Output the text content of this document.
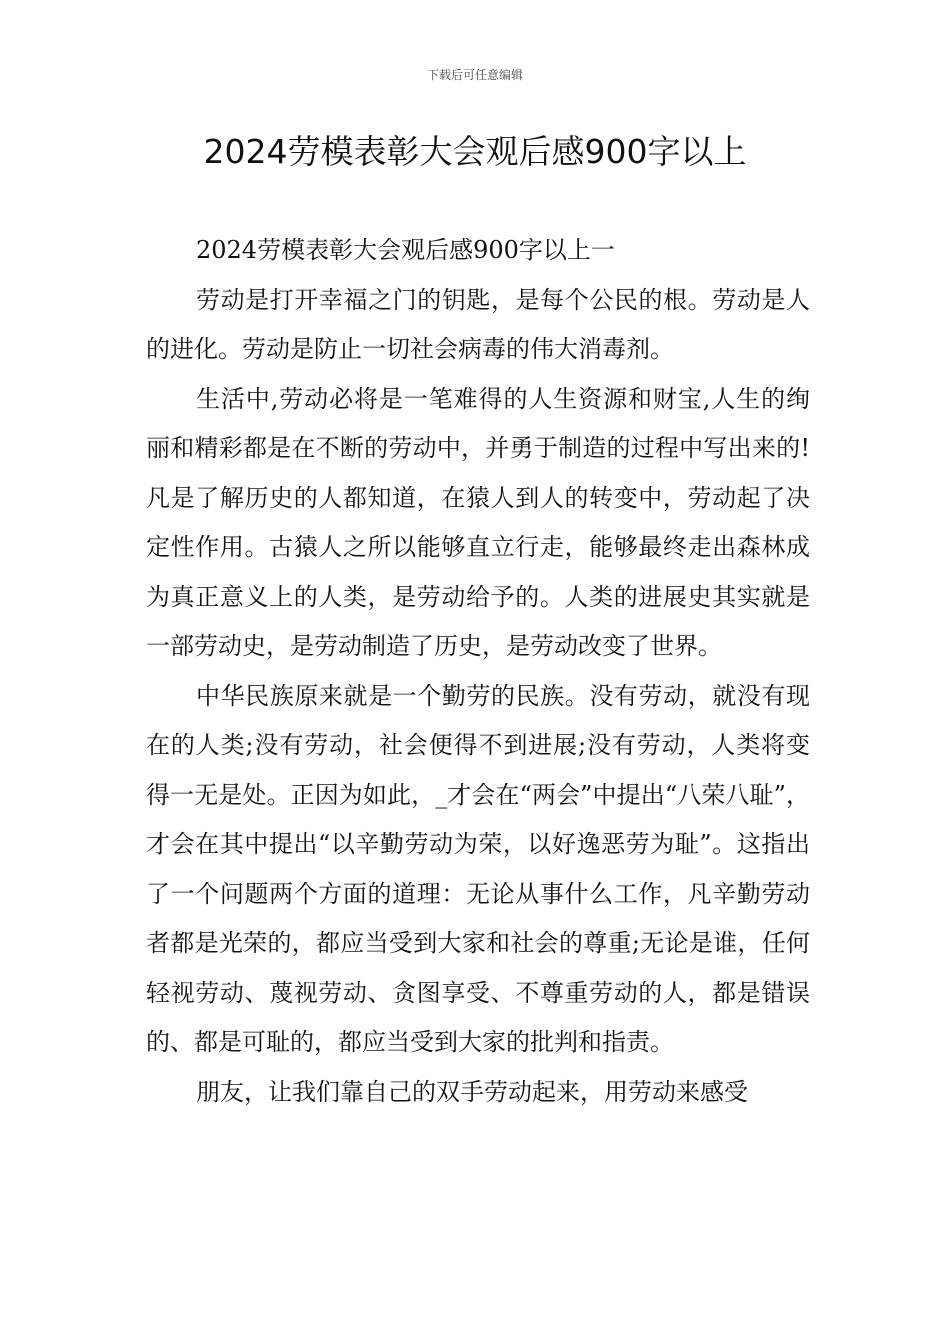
下载后可任意编辑
2024劳模表彰大会观后感900字以上

2024劳模表彰大会观后感900字以上一

劳动是打开幸福之门的钥匙，是每个公民的根。劳动是人的进化。劳动是防止一切社会病毒的伟大消毒剂。

生活中,劳动必将是一笔难得的人生资源和财宝,人生的绚丽和精彩都是在不断的劳动中，并勇于制造的过程中写出来的!凡是了解历史的人都知道，在猿人到人的转变中，劳动起了决定性作用。古猿人之所以能够直立行走，能够最终走出森林成为真正意义上的人类，是劳动给予的。人类的进展史其实就是一部劳动史，是劳动制造了历史，是劳动改变了世界。

中华民族原来就是一个勤劳的民族。没有劳动，就没有现在的人类;没有劳动，社会便得不到进展;没有劳动，人类将变得一无是处。正因为如此，_才会在“两会”中提出“八荣八耻”，才会在其中提出“以辛勤劳动为荣，以好逸恶劳为耻”。这指出了一个问题两个方面的道理：无论从事什么工作，凡辛勤劳动者都是光荣的，都应当受到大家和社会的尊重;无论是谁，任何轻视劳动、蔑视劳动、贪图享受、不尊重劳动的人，都是错误的、都是可耻的，都应当受到大家的批判和指责。

朋友，让我们靠自己的双手劳动起来，用劳动来感受
